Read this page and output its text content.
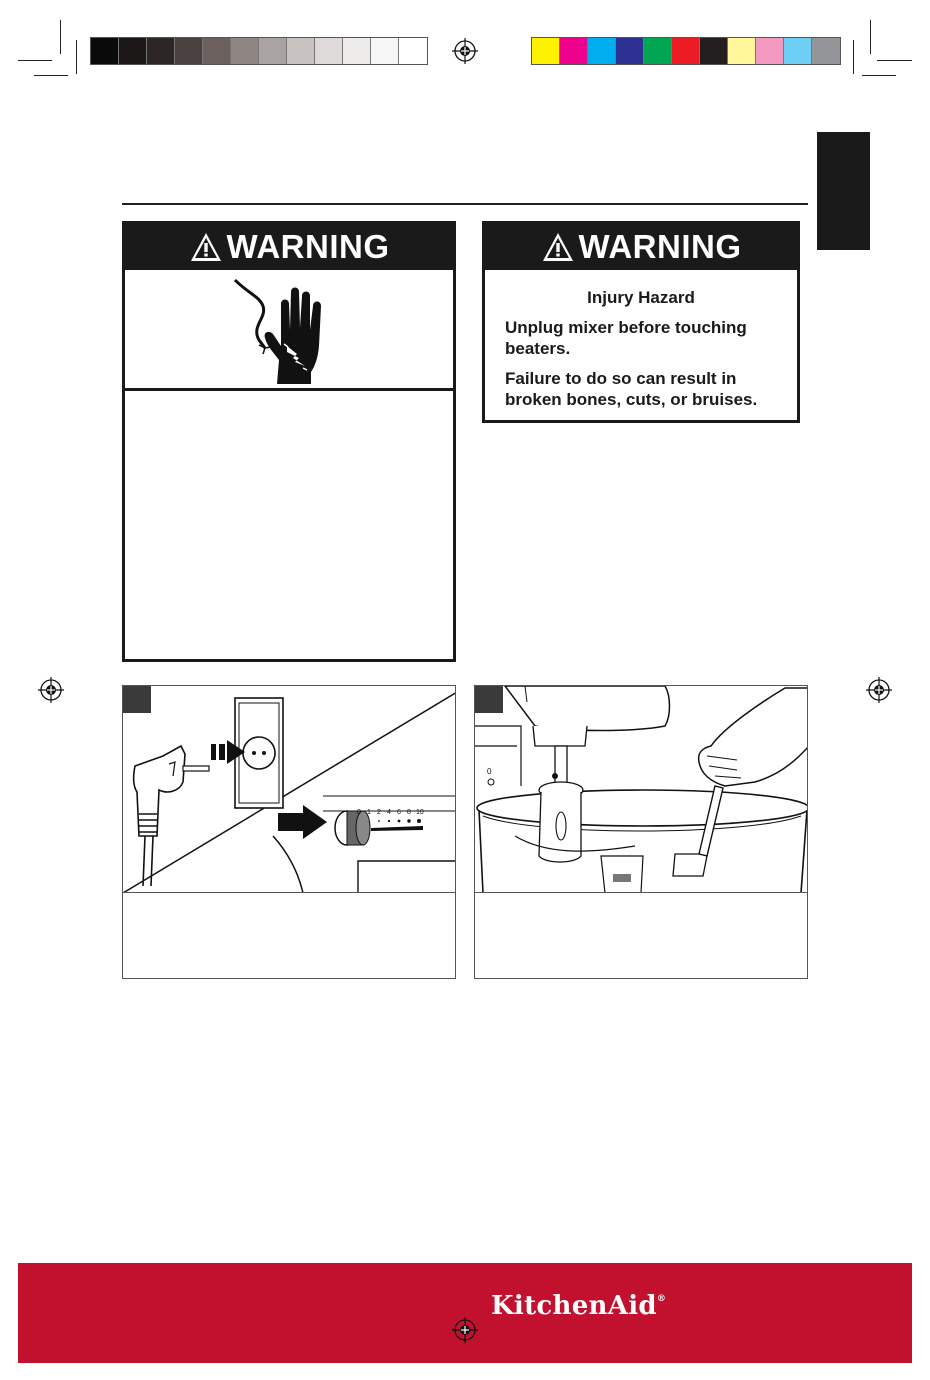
WARNING	WARNING
Injury Hazard
Unplug mixer before touching beaters.
Failure to do so can result in broken bones, cuts, or bruises.
0 1 2 4 6 8 10
0
KitchenAid®
